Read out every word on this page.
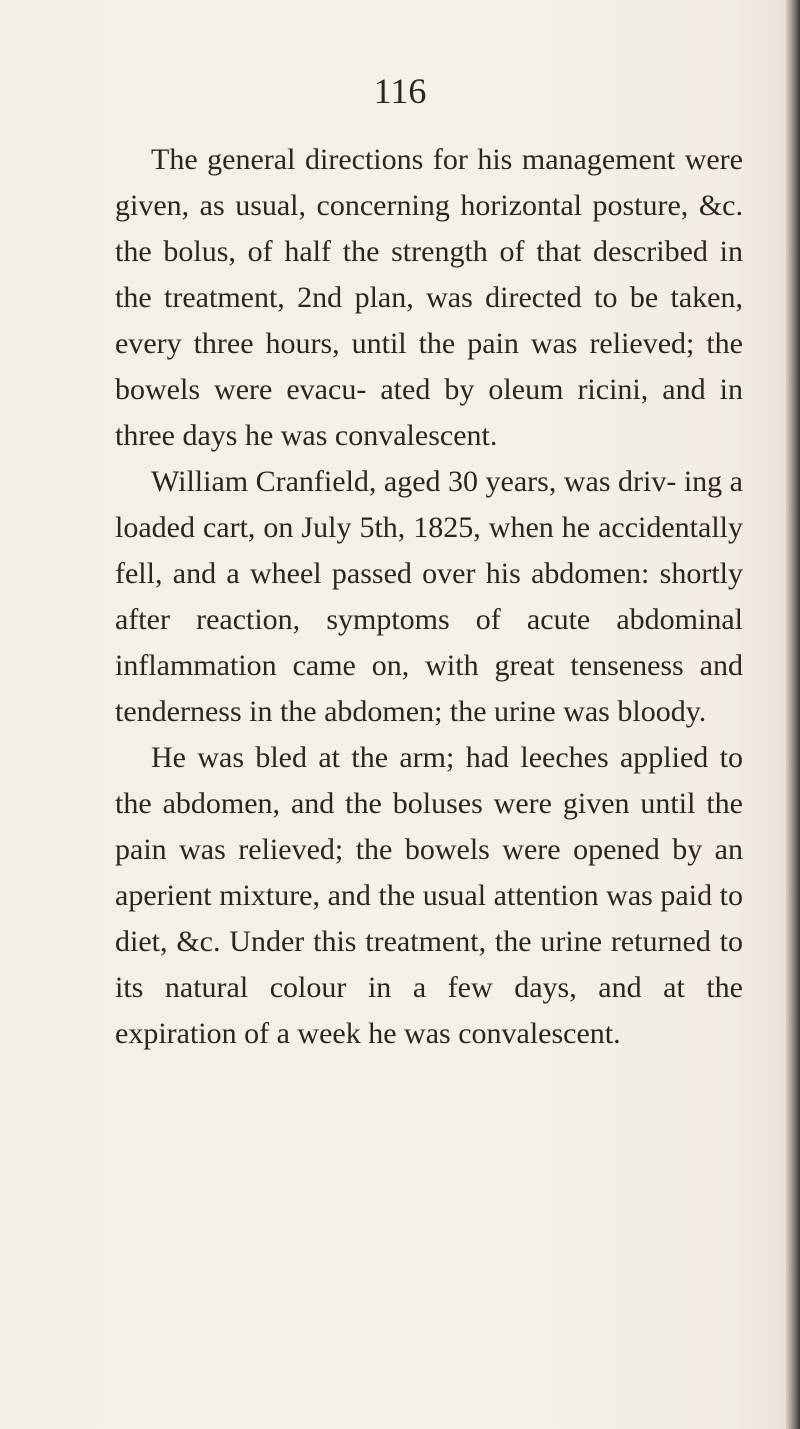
116

The general directions for his management were given, as usual, concerning horizontal posture, &c. the bolus, of half the strength of that described in the treatment, 2nd plan, was directed to be taken, every three hours, until the pain was relieved; the bowels were evacu- ated by oleum ricini, and in three days he was convalescent.

William Cranfield, aged 30 years, was driv- ing a loaded cart, on July 5th, 1825, when he accidentally fell, and a wheel passed over his abdomen: shortly after reaction, symptoms of acute abdominal inflammation came on, with great tenseness and tenderness in the abdomen; the urine was bloody.

He was bled at the arm; had leeches applied to the abdomen, and the boluses were given until the pain was relieved; the bowels were opened by an aperient mixture, and the usual attention was paid to diet, &c. Under this treatment, the urine returned to its natural colour in a few days, and at the expiration of a week he was convalescent.
